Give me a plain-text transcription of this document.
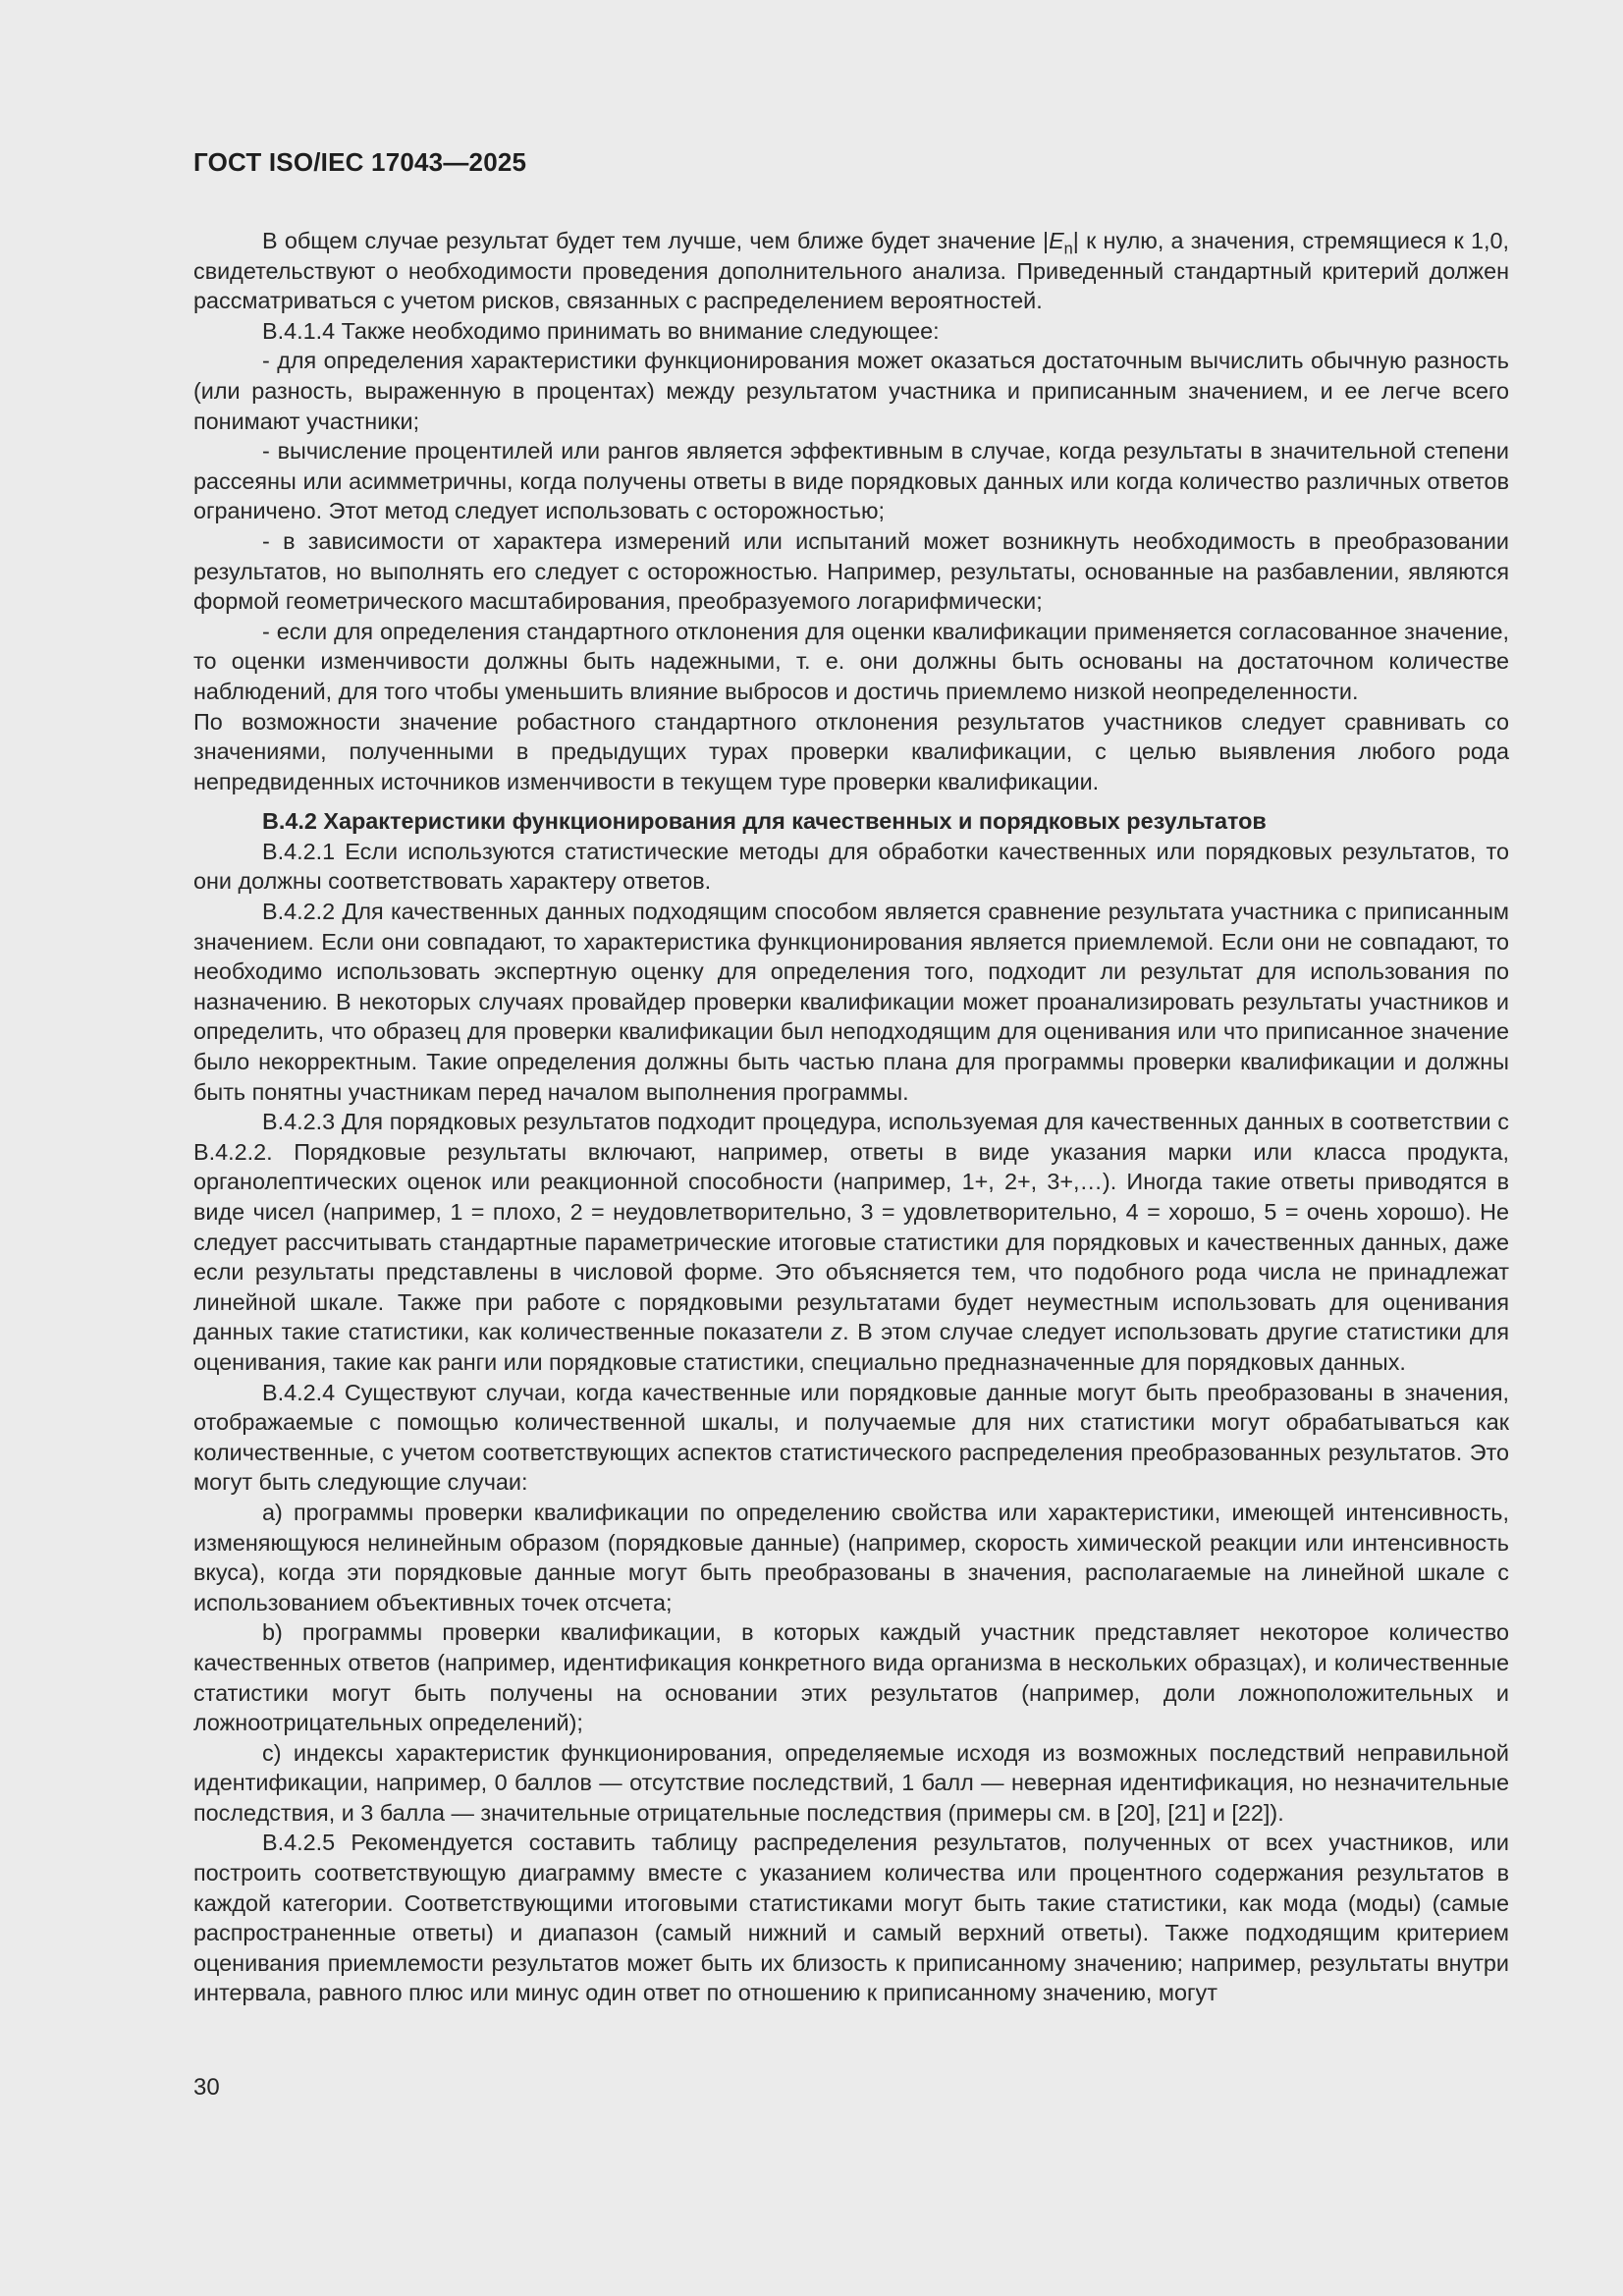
ГОСТ ISO/IEC 17043—2025

В общем случае результат будет тем лучше, чем ближе будет значение $|E_n|$ к нулю, а значения, стремящиеся к 1,0, свидетельствуют о необходимости проведения дополнительного анализа. Приведенный стандартный критерий должен рассматриваться с учетом рисков, связанных с распределением вероятностей.

В.4.1.4 Также необходимо принимать во внимание следующее:

- для определения характеристики функционирования может оказаться достаточным вычислить обычную разность (или разность, выраженную в процентах) между результатом участника и приписанным значением, и ее легче всего понимают участники;

- вычисление процентилей или рангов является эффективным в случае, когда результаты в значительной степени рассеяны или асимметричны, когда получены ответы в виде порядковых данных или когда количество различных ответов ограничено. Этот метод следует использовать с осторожностью;

- в зависимости от характера измерений или испытаний может возникнуть необходимость в преобразовании результатов, но выполнять его следует с осторожностью. Например, результаты, основанные на разбавлении, являются формой геометрического масштабирования, преобразуемого логарифмически;

- если для определения стандартного отклонения для оценки квалификации применяется согласованное значение, то оценки изменчивости должны быть надежными, т. е. они должны быть основаны на достаточном количестве наблюдений, для того чтобы уменьшить влияние выбросов и достичь приемлемо низкой неопределенности.

По возможности значение робастного стандартного отклонения результатов участников следует сравнивать со значениями, полученными в предыдущих турах проверки квалификации, с целью выявления любого рода непредвиденных источников изменчивости в текущем туре проверки квалификации.

В.4.2 Характеристики функционирования для качественных и порядковых результатов

В.4.2.1 Если используются статистические методы для обработки качественных или порядковых результатов, то они должны соответствовать характеру ответов.

В.4.2.2 Для качественных данных подходящим способом является сравнение результата участника с приписанным значением. Если они совпадают, то характеристика функционирования является приемлемой. Если они не совпадают, то необходимо использовать экспертную оценку для определения того, подходит ли результат для использования по назначению. В некоторых случаях провайдер проверки квалификации может проанализировать результаты участников и определить, что образец для проверки квалификации был неподходящим для оценивания или что приписанное значение было некорректным. Такие определения должны быть частью плана для программы проверки квалификации и должны быть понятны участникам перед началом выполнения программы.

В.4.2.3 Для порядковых результатов подходит процедура, используемая для качественных данных в соответствии с В.4.2.2. Порядковые результаты включают, например, ответы в виде указания марки или класса продукта, органолептических оценок или реакционной способности (например, 1+, 2+, 3+,…). Иногда такие ответы приводятся в виде чисел (например, 1 = плохо, 2 = неудовлетворительно, 3 = удовлетворительно, 4 = хорошо, 5 = очень хорошо). Не следует рассчитывать стандартные параметрические итоговые статистики для порядковых и качественных данных, даже если результаты представлены в числовой форме. Это объясняется тем, что подобного рода числа не принадлежат линейной шкале. Также при работе с порядковыми результатами будет неуместным использовать для оценивания данных такие статистики, как количественные показатели z. В этом случае следует использовать другие статистики для оценивания, такие как ранги или порядковые статистики, специально предназначенные для порядковых данных.

В.4.2.4 Существуют случаи, когда качественные или порядковые данные могут быть преобразованы в значения, отображаемые с помощью количественной шкалы, и получаемые для них статистики могут обрабатываться как количественные, с учетом соответствующих аспектов статистического распределения преобразованных результатов. Это могут быть следующие случаи:

а) программы проверки квалификации по определению свойства или характеристики, имеющей интенсивность, изменяющуюся нелинейным образом (порядковые данные) (например, скорость химической реакции или интенсивность вкуса), когда эти порядковые данные могут быть преобразованы в значения, располагаемые на линейной шкале с использованием объективных точек отсчета;

b) программы проверки квалификации, в которых каждый участник представляет некоторое количество качественных ответов (например, идентификация конкретного вида организма в нескольких образцах), и количественные статистики могут быть получены на основании этих результатов (например, доли ложноположительных и ложноотрицательных определений);

с) индексы характеристик функционирования, определяемые исходя из возможных последствий неправильной идентификации, например, 0 баллов — отсутствие последствий, 1 балл — неверная идентификация, но незначительные последствия, и 3 балла — значительные отрицательные последствия (примеры см. в [20], [21] и [22]).

В.4.2.5 Рекомендуется составить таблицу распределения результатов, полученных от всех участников, или построить соответствующую диаграмму вместе с указанием количества или процентного содержания результатов в каждой категории. Соответствующими итоговыми статистиками могут быть такие статистики, как мода (моды) (самые распространенные ответы) и диапазон (самый нижний и самый верхний ответы). Также подходящим критерием оценивания приемлемости результатов может быть их близость к приписанному значению; например, результаты внутри интервала, равного плюс или минус один ответ по отношению к приписанному значению, могут

30
